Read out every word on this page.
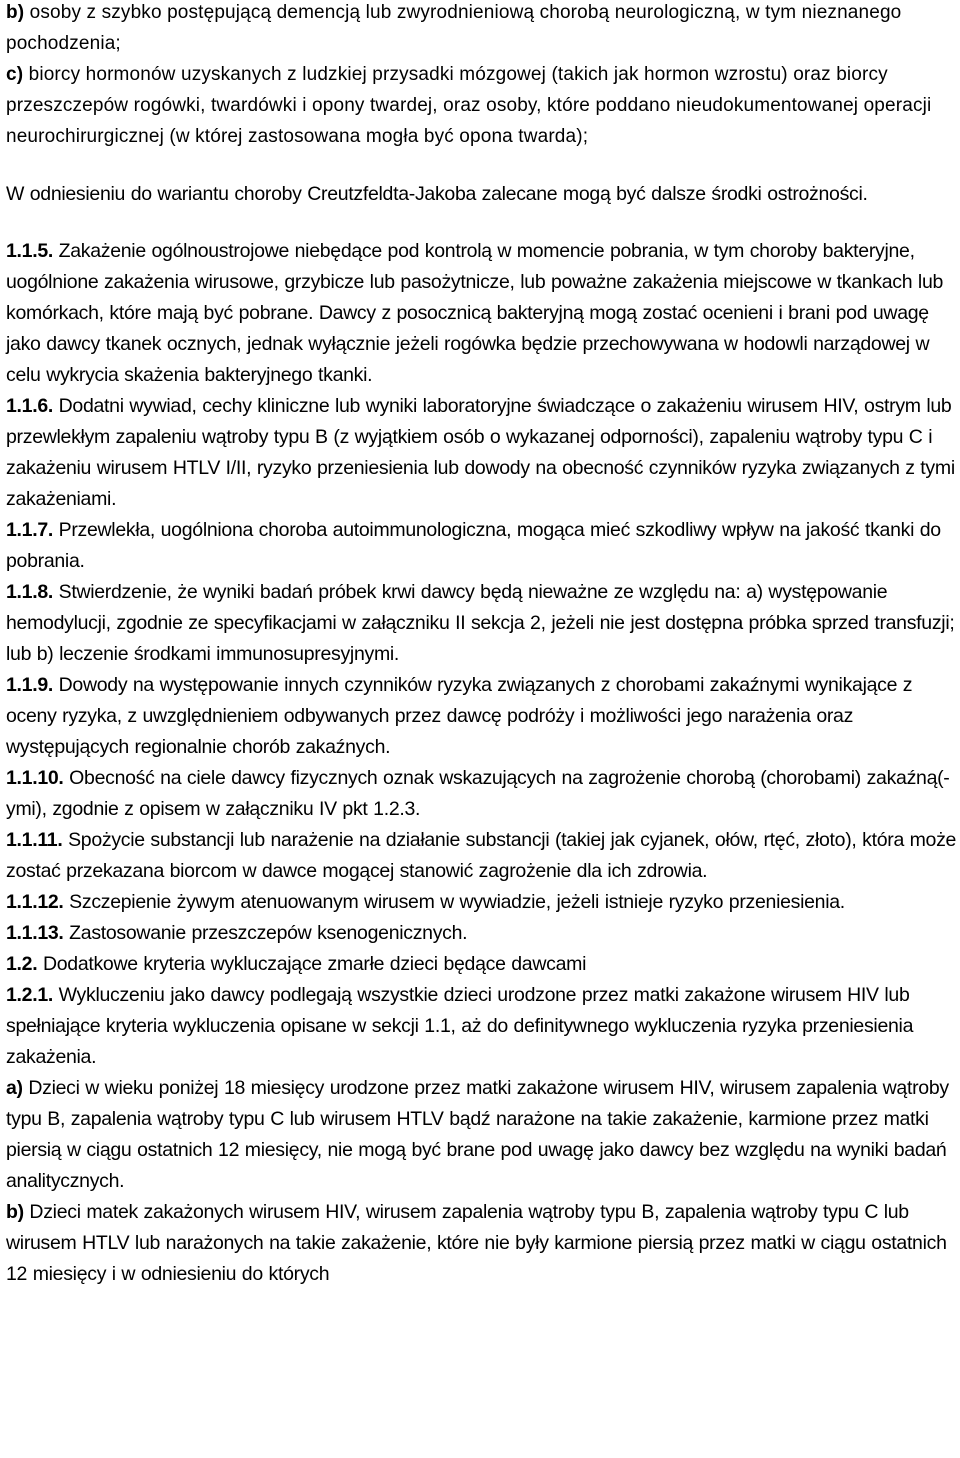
b) osoby z szybko postępującą demencją lub zwyrodnieniową chorobą neurologiczną, w tym nieznanego pochodzenia;

c) biorcy hormonów uzyskanych z ludzkiej przysadki mózgowej (takich jak hormon wzrostu) oraz biorcy przeszczepów rogówki, twardówki i opony twardej, oraz osoby, które poddano nieudokumentowanej operacji neurochirurgicznej (w której zastosowana mogła być opona twarda);

W odniesieniu do wariantu choroby Creutzfeldta-Jakoba zalecane mogą być dalsze środki ostrożności.

1.1.5. Zakażenie ogólnoustrojowe niebędące pod kontrolą w momencie pobrania, w tym choroby bakteryjne, uogólnione zakażenia wirusowe, grzybicze lub pasożytnicze, lub poważne zakażenia miejscowe w tkankach lub komórkach, które mają być pobrane. Dawcy z posocznicą bakteryjną mogą zostać ocenieni i brani pod uwagę jako dawcy tkanek ocznych, jednak wyłącznie jeżeli rogówka będzie przechowywana w hodowli narządowej w celu wykrycia skażenia bakteryjnego tkanki.

1.1.6. Dodatni wywiad, cechy kliniczne lub wyniki laboratoryjne świadczące o zakażeniu wirusem HIV, ostrym lub przewlekłym zapaleniu wątroby typu B (z wyjątkiem osób o wykazanej odporności), zapaleniu wątroby typu C i zakażeniu wirusem HTLV I/II, ryzyko przeniesienia lub dowody na obecność czynników ryzyka związanych z tymi zakażeniami.

1.1.7. Przewlekła, uogólniona choroba autoimmunologiczna, mogąca mieć szkodliwy wpływ na jakość tkanki do pobrania.

1.1.8. Stwierdzenie, że wyniki badań próbek krwi dawcy będą nieważne ze względu na: a) występowanie hemodylucji, zgodnie ze specyfikacjami w załączniku II sekcja 2, jeżeli nie jest dostępna próbka sprzed transfuzji; lub b) leczenie środkami immunosupresyjnymi.

1.1.9. Dowody na występowanie innych czynników ryzyka związanych z chorobami zakaźnymi wynikające z oceny ryzyka, z uwzględnieniem odbywanych przez dawcę podróży i możliwości jego narażenia oraz występujących regionalnie chorób zakaźnych.

1.1.10. Obecność na ciele dawcy fizycznych oznak wskazujących na zagrożenie chorobą (chorobami) zakaźną(-ymi), zgodnie z opisem w załączniku IV pkt 1.2.3.

1.1.11. Spożycie substancji lub narażenie na działanie substancji (takiej jak cyjanek, ołów, rtęć, złoto), która może zostać przekazana biorcom w dawce mogącej stanowić zagrożenie dla ich zdrowia.

1.1.12. Szczepienie żywym atenuowanym wirusem w wywiadzie, jeżeli istnieje ryzyko przeniesienia.

1.1.13. Zastosowanie przeszczepów ksenogenicznych.

1.2. Dodatkowe kryteria wykluczające zmarłe dzieci będące dawcami

1.2.1. Wykluczeniu jako dawcy podlegają wszystkie dzieci urodzone przez matki zakażone wirusem HIV lub spełniające kryteria wykluczenia opisane w sekcji 1.1, aż do definitywnego wykluczenia ryzyka przeniesienia zakażenia.

a) Dzieci w wieku poniżej 18 miesięcy urodzone przez matki zakażone wirusem HIV, wirusem zapalenia wątroby typu B, zapalenia wątroby typu C lub wirusem HTLV bądź narażone na takie zakażenie, karmione przez matki piersią w ciągu ostatnich 12 miesięcy, nie mogą być brane pod uwagę jako dawcy bez względu na wyniki badań analitycznych.

b) Dzieci matek zakażonych wirusem HIV, wirusem zapalenia wątroby typu B, zapalenia wątroby typu C lub wirusem HTLV lub narażonych na takie zakażenie, które nie były karmione piersią przez matki w ciągu ostatnich 12 miesięcy i w odniesieniu do których
